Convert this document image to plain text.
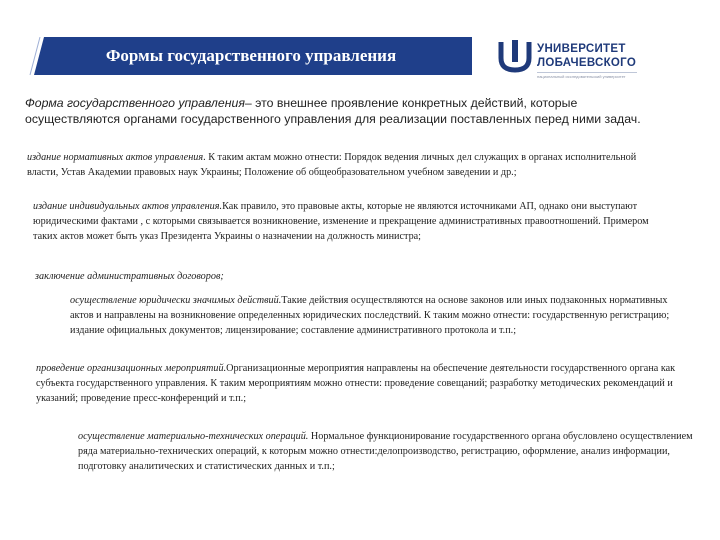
Формы государственного управления	УНИВЕРСИТЕТ
ЛОБАЧЕВСКОГО
национальный исследовательский университет
Форма государственного управления– это внешнее проявление конкретных действий, которые осуществляются органами государственного управления для реализации поставленных перед ними задач.
издание нормативных актов управления. К таким актам можно отнести: Порядок ведения личных дел служащих в органах исполнительной власти, Устав Академии правовых наук Украины; Положение об общеобразовательном учебном заведении и др.;
издание индивидуальных актов управления.Как правило, это правовые акты, которые не являются источниками АП, однако они выступают юридическими фактами , с которыми связывается возникновение, изменение и прекращение административных правоотношений. Примером таких актов может быть указ Президента Украины о назначении на должность министра;
заключение административных договоров;
осуществление юридически значимых действий.Такие действия осуществляются на основе законов или иных подзаконных нормативных актов и направлены на возникновение определенных юридических последствий. К таким можно отнести: государственную регистрацию; издание официальных документов; лицензирование; составление административного протокола и т.п.;
проведение организационных мероприятий.Организационные мероприятия направлены на обеспечение деятельности государственного органа как субъекта государственного управления. К таким мероприятиям можно отнести: проведение совещаний; разработку методических рекомендаций и указаний; проведение пресс-конференций и т.п.;
осуществление материально-технических операций. Нормальное функционирование государственного органа обусловлено осуществлением ряда материально-технических операций, к которым можно отнести:делопроизводство, регистрацию, оформление, анализ информации, подготовку аналитических и статистических данных и т.п.;
